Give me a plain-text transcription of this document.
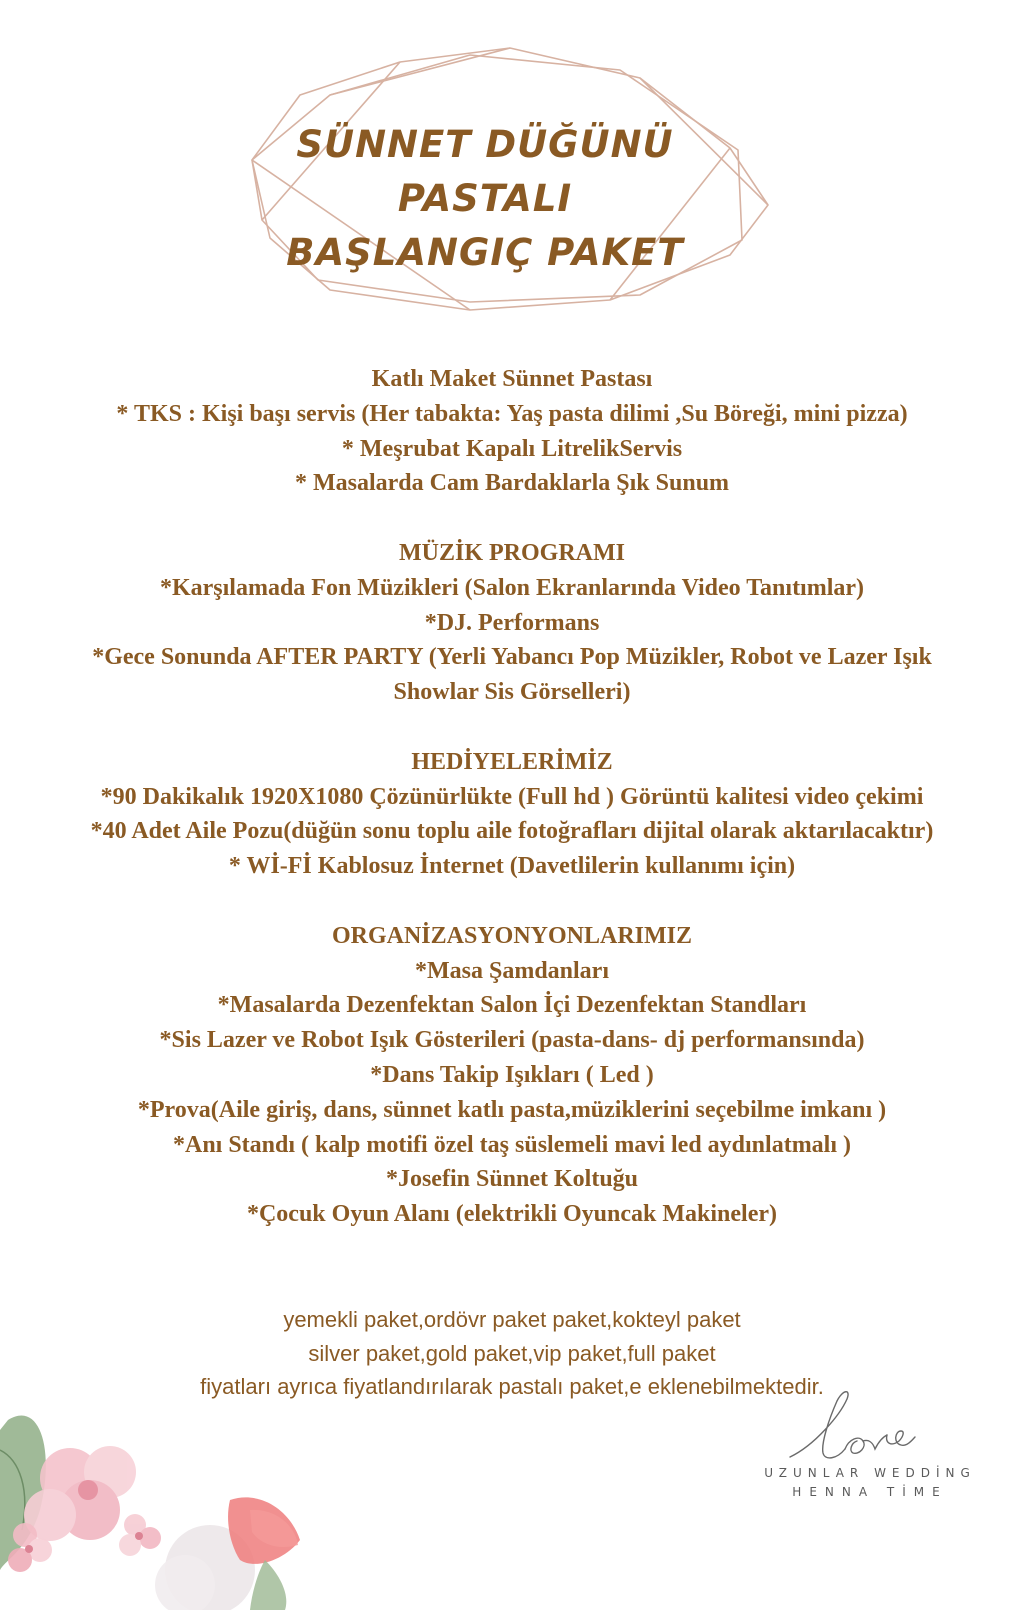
SÜNNET DÜĞÜNÜ
PASTALI
BAŞLANGIÇ PAKET
Katlı Maket Sünnet Pastası
* TKS : Kişi başı servis (Her tabakta: Yaş pasta dilimi ,Su Böreği, mini pizza)
* Meşrubat Kapalı LitrelikServis
* Masalarda Cam Bardaklarla Şık Sunum
MÜZİK PROGRAMI
*Karşılamada Fon Müzikleri (Salon Ekranlarında Video Tanıtımlar)
*DJ. Performans
*Gece Sonunda AFTER PARTY (Yerli Yabancı Pop Müzikler, Robot ve Lazer Işık
Showlar Sis Görselleri)
HEDİYELERİMİZ
*90 Dakikalık 1920X1080 Çözünürlükte (Full hd ) Görüntü kalitesi video çekimi
*40 Adet Aile Pozu(düğün sonu toplu aile fotoğrafları dijital olarak aktarılacaktır)
* Wİ-Fİ Kablosuz İnternet (Davetlilerin kullanımı için)
ORGANİZASYONYONLARIMIZ
*Masa Şamdanları
*Masalarda Dezenfektan Salon İçi Dezenfektan Standları
*Sis Lazer ve Robot Işık Gösterileri (pasta-dans- dj performansında)
*Dans Takip Işıkları ( Led )
*Prova(Aile giriş, dans, sünnet katlı pasta,müziklerini seçebilme imkanı )
*Anı Standı ( kalp motifi özel taş süslemeli mavi led aydınlatmalı )
*Josefin Sünnet Koltuğu
*Çocuk Oyun Alanı (elektrikli Oyuncak Makineler)
yemekli paket,ordövr paket paket,kokteyl paket
silver paket,gold paket,vip paket,full paket
fiyatları ayrıca fiyatlandırılarak pastalı paket,e eklenebilmektedir.
UZUNLAR WEDDİNG
HENNA TİME
